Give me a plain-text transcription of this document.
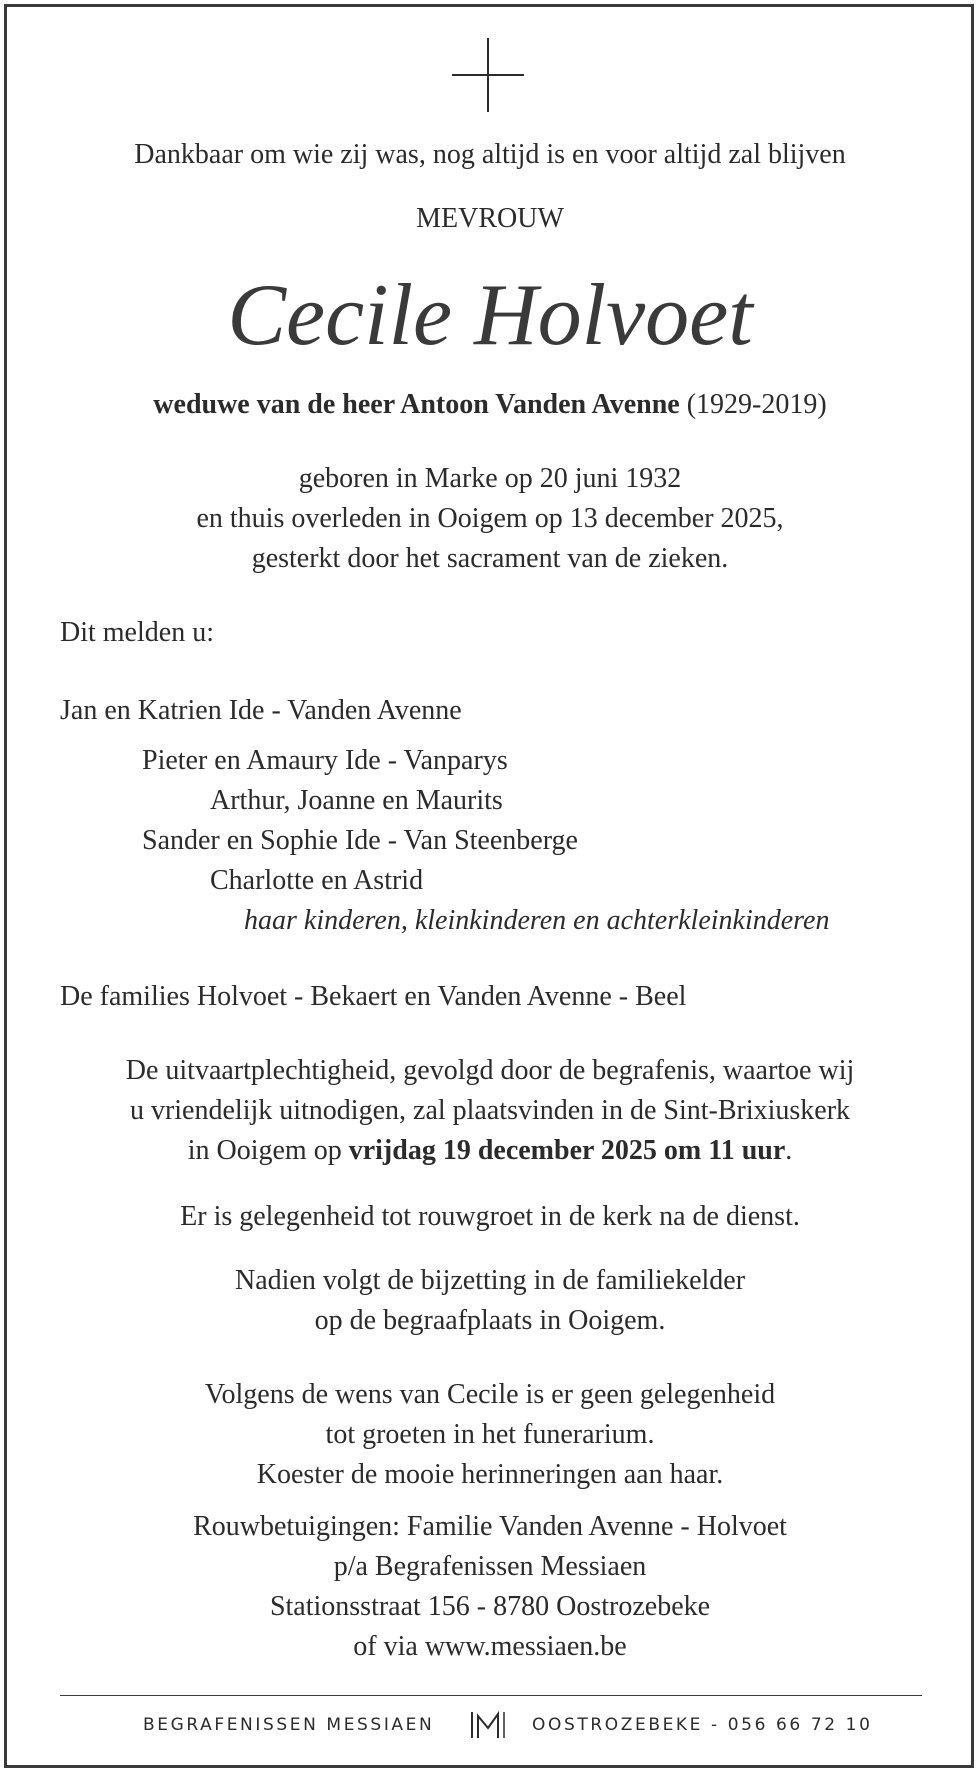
Dankbaar om wie zij was, nog altijd is en voor altijd zal blijven
MEVROUW
Cecile Holvoet
weduwe van de heer Antoon Vanden Avenne (1929-2019)
geboren in Marke op 20 juni 1932
en thuis overleden in Ooigem op 13 december 2025,
gesterkt door het sacrament van de zieken.
Dit melden u:
Jan en Katrien Ide - Vanden Avenne
Pieter en Amaury Ide - Vanparys
Arthur, Joanne en Maurits
Sander en Sophie Ide - Van Steenberge
Charlotte en Astrid
haar kinderen, kleinkinderen en achterkleinkinderen
De families Holvoet - Bekaert en Vanden Avenne - Beel
De uitvaartplechtigheid, gevolgd door de begrafenis, waartoe wij
u vriendelijk uitnodigen, zal plaatsvinden in de Sint-Brixiuskerk
in Ooigem op vrijdag 19 december 2025 om 11 uur.
Er is gelegenheid tot rouwgroet in de kerk na de dienst.
Nadien volgt de bijzetting in de familiekelder
op de begraafplaats in Ooigem.
Volgens de wens van Cecile is er geen gelegenheid
tot groeten in het funerarium.
Koester de mooie herinneringen aan haar.
Rouwbetuigingen: Familie Vanden Avenne - Holvoet
p/a Begrafenissen Messiaen
Stationsstraat 156 - 8780 Oostrozebeke
of via www.messiaen.be
BEGRAFENISSEN MESSIAEN	OOSTROZEBEKE - 056 66 72 10
